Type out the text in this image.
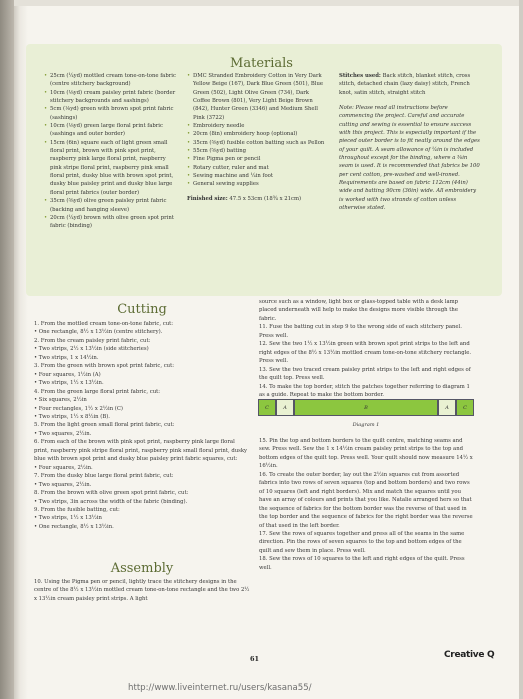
Materials
• 25cm (¼yd) mottled cream tone-on-tone fabric (centre stitchery background)
• 10cm (⅛yd) cream paisley print fabric (border stitchery backgrounds and sashings)
• 5cm (⅛yd) green with brown spot print fabric (sashings)
• 10cm (⅛yd) green large floral print fabric (sashings and outer border)
• 15cm (6in) square each of light green small floral print, brown with pink spot print, raspberry pink large floral print, raspberry pink stripe floral print, raspberry pink small floral print, dusky blue with brown spot print, dusky blue paisley print and dusky blue large floral print fabrics (outer border)
• 35cm (⅜yd) olive green paisley print fabric (backing and hanging sleeve)
• 20cm (¼yd) brown with olive green spot print fabric (binding)
• DMC Stranded Embroidery Cotton in Very Dark Yellow Beige (167), Dark Blue Green (501), Blue Green (502), Light Olive Green (734), Dark Coffee Brown (801), Very Light Beige Brown (842), Hunter Green (3346) and Medium Shell Pink (3722)
• Embroidery needle
• 20cm (8in) embroidery hoop (optional)
• 35cm (⅜yd) fusible cotton batting such as Pellon
• 55cm (⅝yd) batting
• Fine Pigma pen or pencil
• Rotary cutter, ruler and mat
• Sewing machine and ¼in foot
• General sewing supplies

Finished size: 47.5 x 53cm (18¾ x 21cm)

Stitches used: Back stitch, blanket stitch, cross stitch, detached chain (lazy daisy) stitch, French knot, satin stitch, straight stitch

Note: Please read all instructions before commencing the project. Careful and accurate cutting and sewing is essential to ensure success with this project. This is especially important if the pieced outer border is to fit neatly around the edges of your quilt. A seam allowance of ¼in is included throughout except for the binding, where a ⅜in seam is used. It is recommended that fabrics be 100 per cent cotton, pre-washed and well-ironed. Requirements are based on fabric 112cm (44in) wide and batting 90cm (36in) wide. All embroidery is worked with two strands of cotton unless otherwise stated.

Cutting

1. From the mottled cream tone-on-tone fabric, cut:

• One rectangle, 8½ x 13½in (centre stitchery).

2. From the cream paisley print fabric, cut:

• Two strips, 2½ x 13½in (side stitcheries)

• Two strips, 1 x 14½in.

3. From the green with brown spot print fabric, cut:

• Four squares, 1½in (A)

• Two strips, 1½ x 13½in.

4. From the green large floral print fabric, cut:

• Six squares, 2½in

• Four rectangles, 1½ x 2½in (C)

• Two strips, 1½ x 8½in (B).

5. From the light green small floral print fabric, cut:

• Two squares, 2½in.

6. From each of the brown with pink spot print, raspberry pink large floral print, raspberry pink stripe floral print, raspberry pink small floral print, dusky blue with brown spot print and dusky blue paisley print fabric squares, cut:

• Four squares, 2½in.

7. From the dusky blue large floral print fabric, cut:

• Two squares, 2½in.

8. From the brown with olive green spot print fabric, cut:

• Two strips, 3in across the width of the fabric (binding).

9. From the fusible batting, cut:

• Two strips, 1½ x 13½in

• One rectangle, 8½ x 13½in.

Assembly

10. Using the Pigma pen or pencil, lightly trace the stitchery designs in the centre of the 8½ x 13½in mottled cream tone-on-tone rectangle and the two 2½ x 13½in cream paisley print strips. A light

source such as a window, light box or glass-topped table with a desk lamp placed underneath will help to make the designs more visible through the fabric.

11. Fuse the batting cut in step 9 to the wrong side of each stitchery panel. Press well.

12. Sew the two 1½ x 13½in green with brown spot print strips to the left and right edges of the 8½ x 13½in mottled cream tone-on-tone stitchery rectangle. Press well.

13. Sew the two traced cream paisley print strips to the left and right edges of the quilt top. Press well.

14. To make the top border, stitch the patches together referring to diagram 1 as a guide. Repeat to make the bottom border.

C	A	B	A	C
Diagram 1

15. Pin the top and bottom borders to the quilt centre, matching seams and sew. Press well. Sew the 1 x 14½in cream paisley print strips to the top and bottom edges of the quilt top. Press well. Your quilt should now measure 14½ x 16½in.

16. To create the outer border, lay out the 2½in squares cut from assorted fabrics into two rows of seven squares (top and bottom borders) and two rows of 10 squares (left and right borders). Mix and match the squares until you have an array of colours and prints that you like. Natalie arranged hers so that the sequence of fabrics for the bottom border was the reverse of that used in the top border and the sequence of fabrics for the right border was the reverse of that used in the left border.

17. Sew the rows of squares together and press all of the seams in the same direction. Pin the rows of seven squares to the top and bottom edges of the quilt and sew them in place. Press well.

18. Sew the rows of 10 squares to the left and right edges of the quilt. Press well.

61	Creative Q
http://www.liveinternet.ru/users/kasana55/
